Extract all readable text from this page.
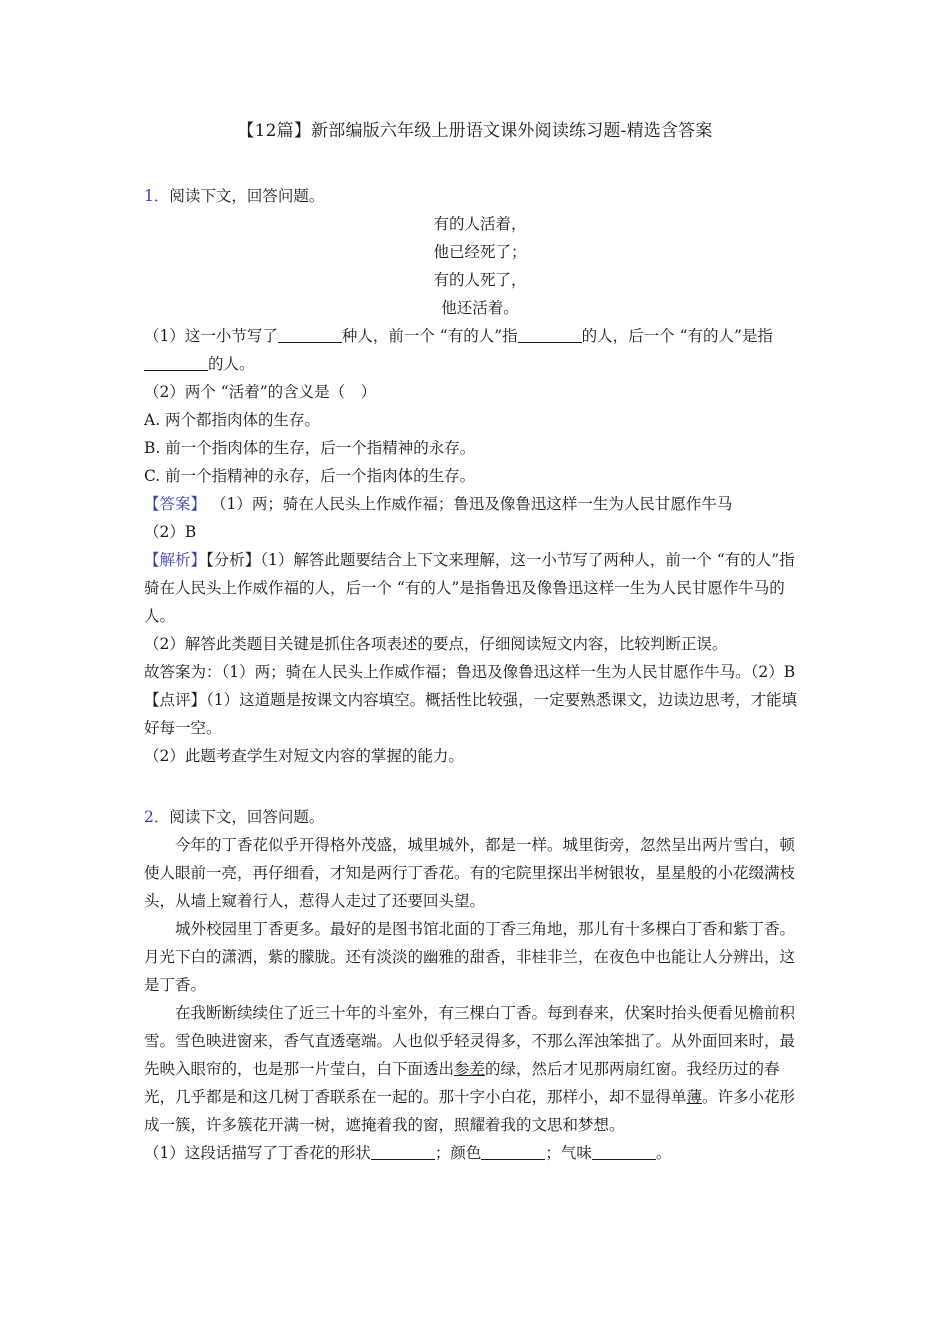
【12篇】新部编版六年级上册语文课外阅读练习题-精选含答案
1．阅读下文，回答问题。
有的人活着，
他已经死了；
有的人死了，
他还活着。
（1）这一小节写了	种人，前一个 “有的人”指	的人，后一个 “有的人”是指的人。
（2）两个 “活着”的含义是（　）
A. 两个都指肉体的生存。
B. 前一个指肉体的生存，后一个指精神的永存。
C. 前一个指精神的永存，后一个指肉体的生存。
【答案】 （1）两；骑在人民头上作威作福；鲁迅及像鲁迅这样一生为人民甘愿作牛马
（2）B
【解析】【分析】（1）解答此题要结合上下文来理解，这一小节写了两种人，前一个 “有的人”指骑在人民头上作威作福的人，后一个 “有的人”是指鲁迅及像鲁迅这样一生为人民甘愿作牛马的人。
（2）解答此类题目关键是抓住各项表述的要点，仔细阅读短文内容，比较判断正误。
故答案为：（1）两；骑在人民头上作威作福；鲁迅及像鲁迅这样一生为人民甘愿作牛马。（2）B
【点评】（1）这道题是按课文内容填空。概括性比较强，一定要熟悉课文，边读边思考，才能填好每一空。
（2）此题考查学生对短文内容的掌握的能力。
2．阅读下文，回答问题。
今年的丁香花似乎开得格外茂盛，城里城外，都是一样。城里街旁，忽然呈出两片雪白，顿使人眼前一亮，再仔细看，才知是两行丁香花。有的宅院里探出半树银妆，星星般的小花缀满枝头，从墙上窥着行人，惹得人走过了还要回头望。
城外校园里丁香更多。最好的是图书馆北面的丁香三角地，那儿有十多棵白丁香和紫丁香。月光下白的潇洒，紫的朦胧。还有淡淡的幽雅的甜香，非桂非兰，在夜色中也能让人分辨出，这是丁香。
在我断断续续住了近三十年的斗室外，有三棵白丁香。每到春来，伏案时抬头便看见檐前积雪。雪色映进窗来，香气直透毫端。人也似乎轻灵得多，不那么浑浊笨拙了。从外面回来时，最先映入眼帘的，也是那一片莹白，白下面透出参差的绿，然后才见那两扇红窗。我经历过的春光，几乎都是和这几树丁香联系在一起的。那十字小白花，那样小，却不显得单薄。许多小花形成一簇，许多簇花开满一树，遮掩着我的窗，照耀着我的文思和梦想。
（1）这段话描写了丁香花的形状	；颜色	；气味	。
